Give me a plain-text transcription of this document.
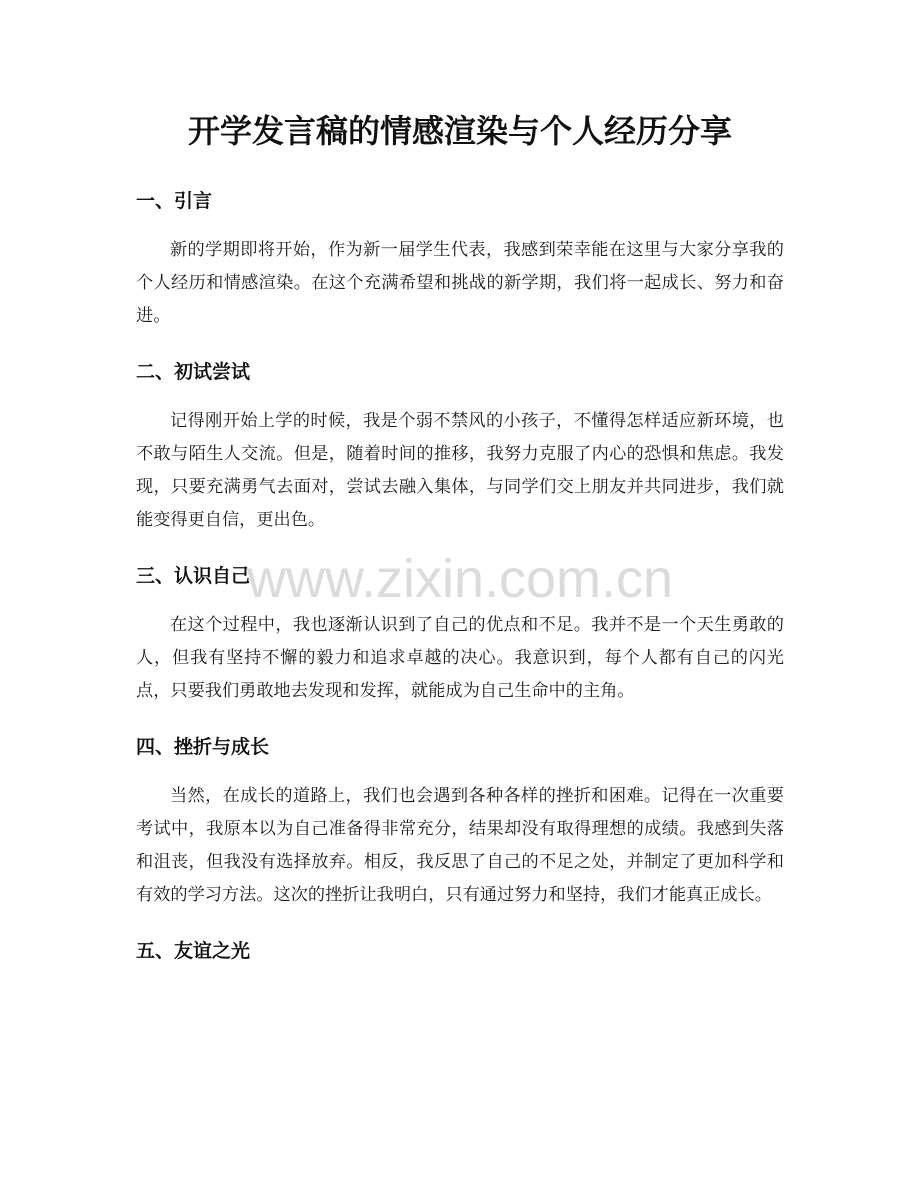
开学发言稿的情感渲染与个人经历分享
一、引言

新的学期即将开始，作为新一届学生代表，我感到荣幸能在这里与大家分享我的个人经历和情感渲染。在这个充满希望和挑战的新学期，我们将一起成长、努力和奋进。

二、初试尝试

记得刚开始上学的时候，我是个弱不禁风的小孩子，不懂得怎样适应新环境，也不敢与陌生人交流。但是，随着时间的推移，我努力克服了内心的恐惧和焦虑。我发现，只要充满勇气去面对，尝试去融入集体，与同学们交上朋友并共同进步，我们就能变得更自信，更出色。

三、认识自己

在这个过程中，我也逐渐认识到了自己的优点和不足。我并不是一个天生勇敢的人，但我有坚持不懈的毅力和追求卓越的决心。我意识到，每个人都有自己的闪光点，只要我们勇敢地去发现和发挥，就能成为自己生命中的主角。

四、挫折与成长

当然，在成长的道路上，我们也会遇到各种各样的挫折和困难。记得在一次重要考试中，我原本以为自己准备得非常充分，结果却没有取得理想的成绩。我感到失落和沮丧，但我没有选择放弃。相反，我反思了自己的不足之处，并制定了更加科学和有效的学习方法。这次的挫折让我明白，只有通过努力和坚持，我们才能真正成长。

五、友谊之光
www.zixin.com.cn
